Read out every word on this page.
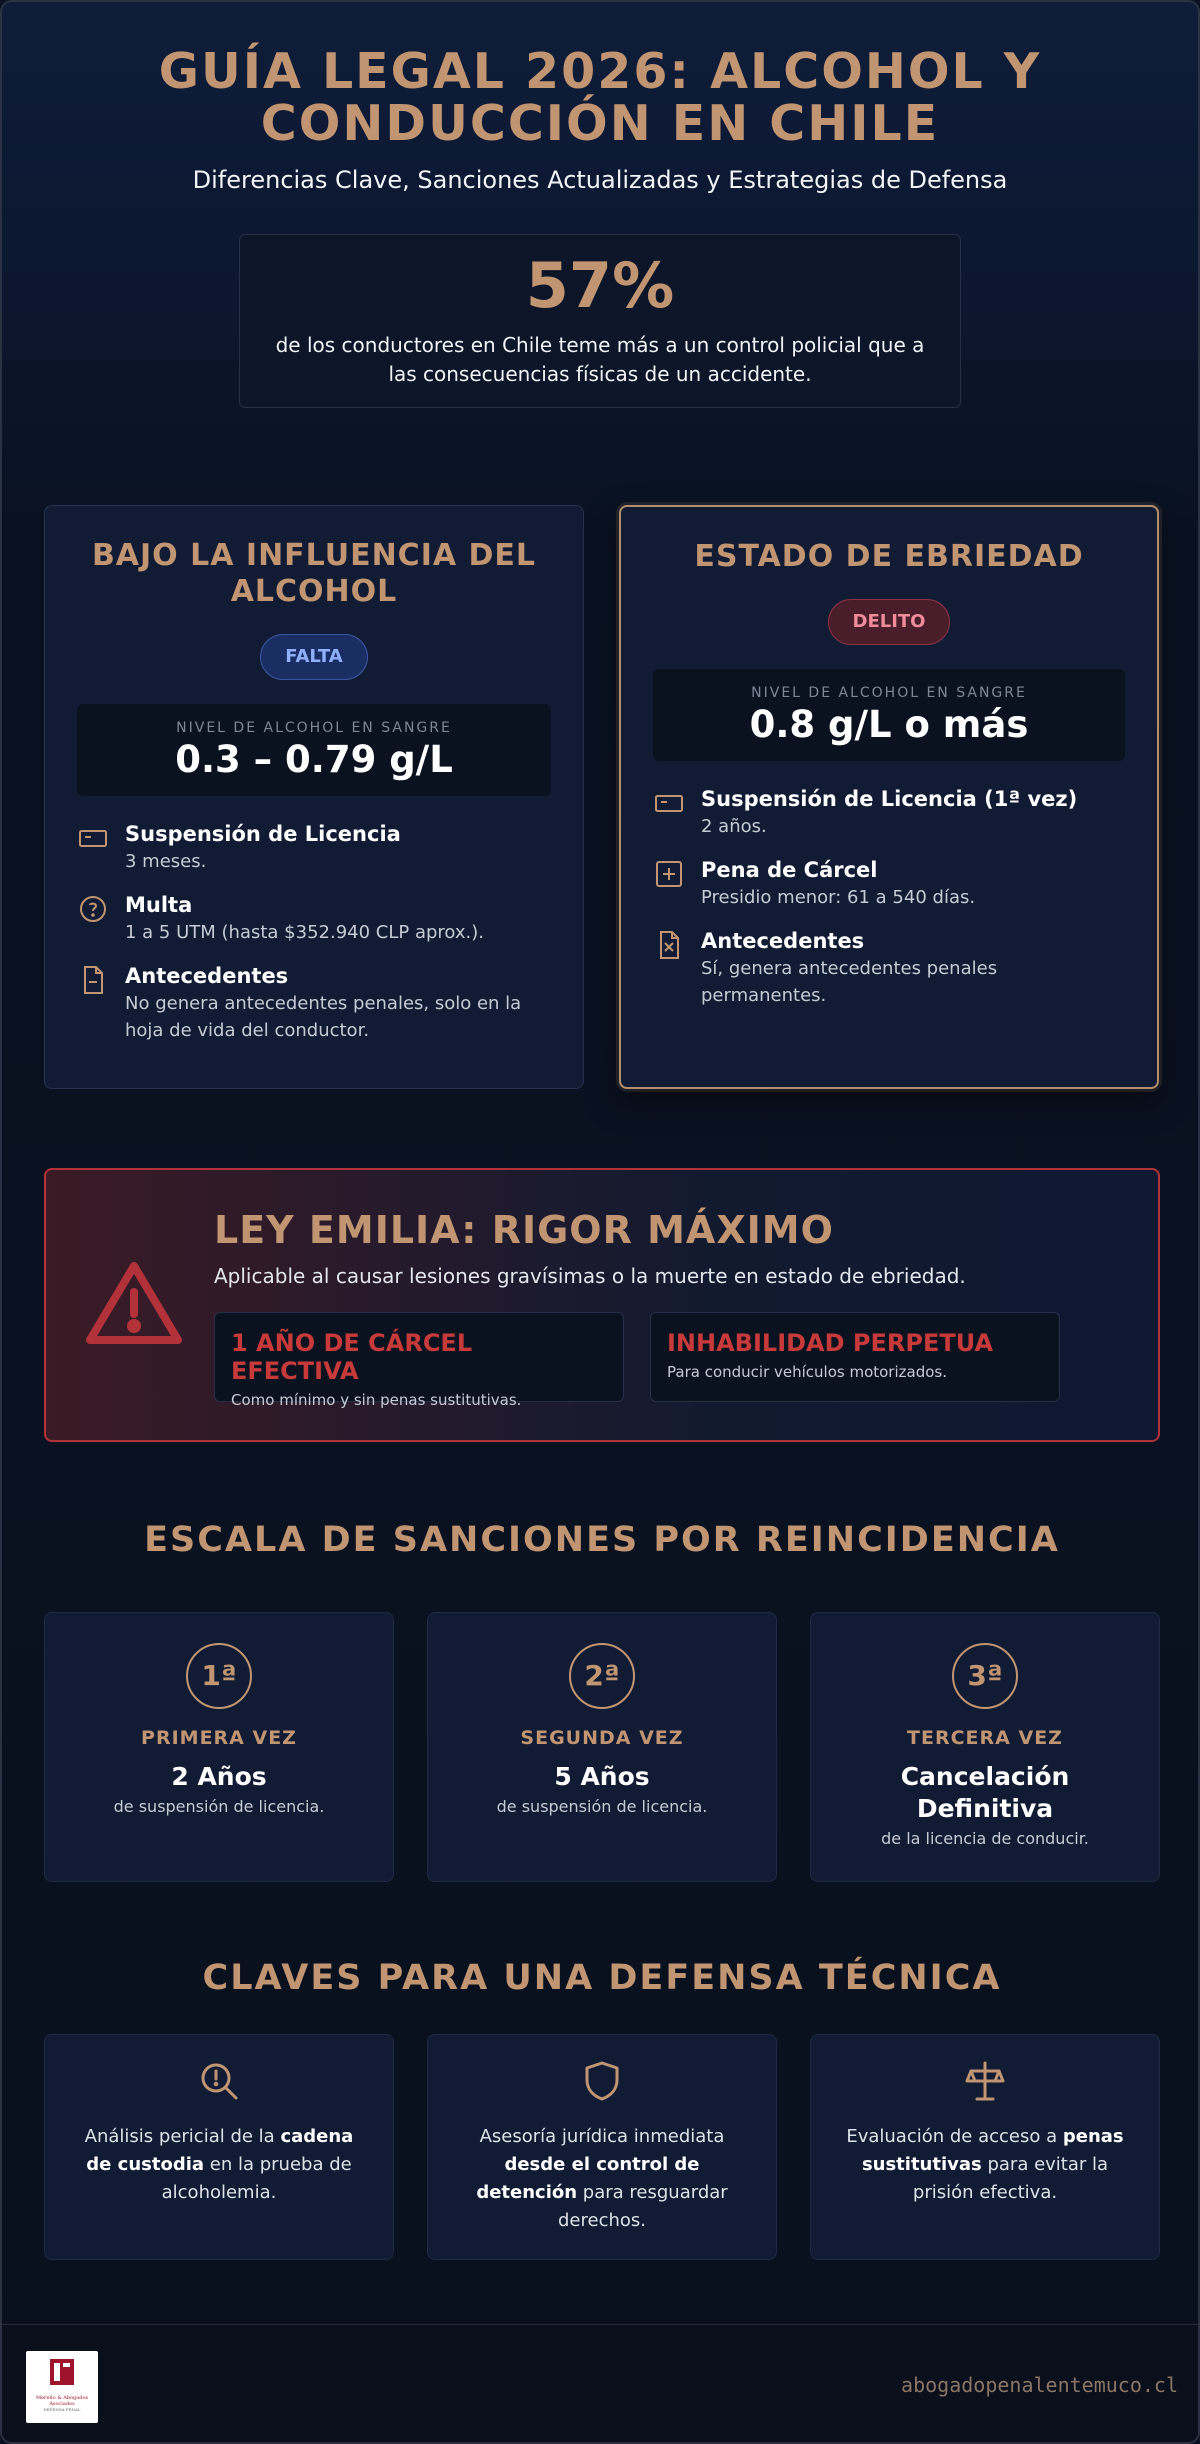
GUÍA LEGAL 2026: ALCOHOL Y CONDUCCIÓN EN CHILE
Diferencias Clave, Sanciones Actualizadas y Estrategias de Defensa
57%
de los conductores en Chile teme más a un control policial que a las consecuencias físicas de un accidente.
BAJO LA INFLUENCIA DEL ALCOHOL
FALTA
NIVEL DE ALCOHOL EN SANGRE
0.3 – 0.79 g/L
Suspensión de Licencia
3 meses.
Multa
1 a 5 UTM (hasta $352.940 CLP aprox.).
Antecedentes
No genera antecedentes penales, solo en la hoja de vida del conductor.
ESTADO DE EBRIEDAD
DELITO
NIVEL DE ALCOHOL EN SANGRE
0.8 g/L o más
Suspensión de Licencia (1ª vez)
2 años.
Pena de Cárcel
Presidio menor: 61 a 540 días.
Antecedentes
Sí, genera antecedentes penales permanentes.
LEY EMILIA: RIGOR MÁXIMO
Aplicable al causar lesiones gravísimas o la muerte en estado de ebriedad.
1 AÑO DE CÁRCEL EFECTIVA
Como mínimo y sin penas sustitutivas.
INHABILIDAD PERPETUA
Para conducir vehículos motorizados.
ESCALA DE SANCIONES POR REINCIDENCIA
1ª
PRIMERA VEZ
2 Años
de suspensión de licencia.
2ª
SEGUNDA VEZ
5 Años
de suspensión de licencia.
3ª
TERCERA VEZ
Cancelación Definitiva
de la licencia de conducir.
CLAVES PARA UNA DEFENSA TÉCNICA
Análisis pericial de la cadena de custodia en la prueba de alcoholemia.
Asesoría jurídica inmediata desde el control de detención para resguardar derechos.
Evaluación de acceso a penas sustitutivas para evitar la prisión efectiva.
Merello & Abogados Asociados
DEFENSA PENAL
abogadopenalentemuco.cl
